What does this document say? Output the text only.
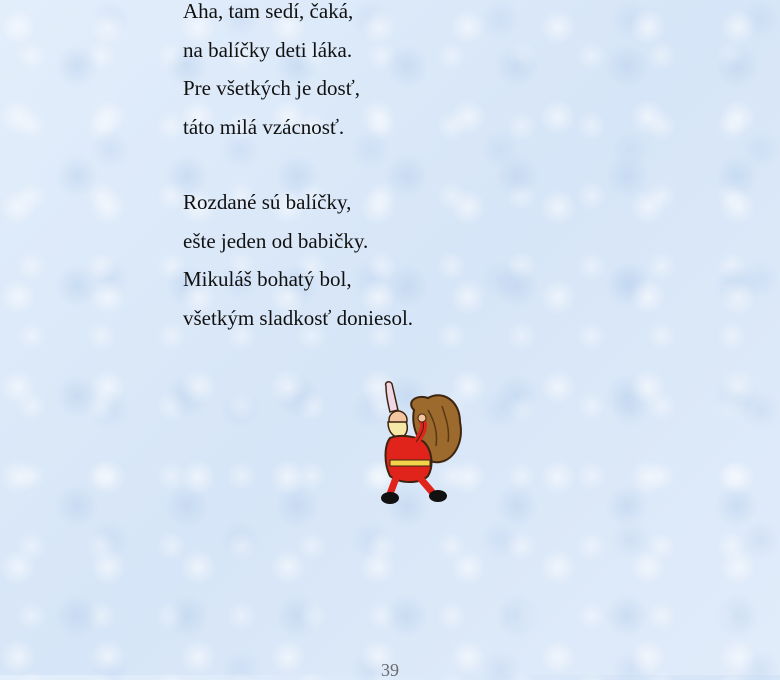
Aha, tam sedí, čaká,
na balíčky deti láka.
Pre všetkých je dosť,
táto milá vzácnosť.
Rozdané sú balíčky,
ešte jeden od babičky.
Mikuláš bohatý bol,
všetkým sladkosť doniesol.
39
